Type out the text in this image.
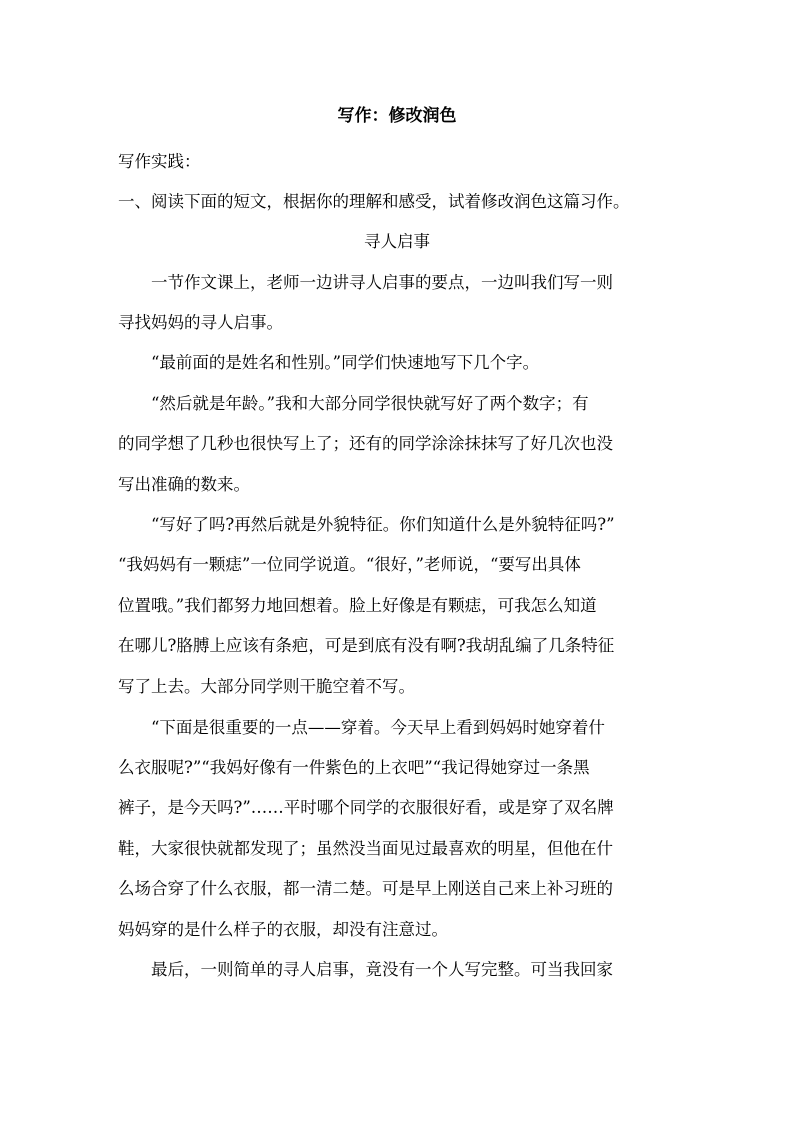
写作：修改润色
写作实践：
一、阅读下面的短文，根据你的理解和感受，试着修改润色这篇习作。
寻人启事
　　一节作文课上，老师一边讲寻人启事的要点，一边叫我们写一则
寻找妈妈的寻人启事。
　　“最前面的是姓名和性别。”同学们快速地写下几个字。
　　“然后就是年龄。”我和大部分同学很快就写好了两个数字；有
的同学想了几秒也很快写上了；还有的同学涂涂抹抹写了好几次也没
写出准确的数来。
　　“写好了吗?再然后就是外貌特征。你们知道什么是外貌特征吗?”
“我妈妈有一颗痣”一位同学说道。“很好，”老师说，“要写出具体
位置哦。”我们都努力地回想着。脸上好像是有颗痣，可我怎么知道
在哪儿?胳膊上应该有条疤，可是到底有没有啊?我胡乱编了几条特征
写了上去。大部分同学则干脆空着不写。
　　“下面是很重要的一点——穿着。今天早上看到妈妈时她穿着什
么衣服呢?”“我妈好像有一件紫色的上衣吧”“我记得她穿过一条黑
裤子，是今天吗?”……平时哪个同学的衣服很好看，或是穿了双名牌
鞋，大家很快就都发现了；虽然没当面见过最喜欢的明星，但他在什
么场合穿了什么衣服，都一清二楚。可是早上刚送自己来上补习班的
妈妈穿的是什么样子的衣服，却没有注意过。
　　最后，一则简单的寻人启事，竟没有一个人写完整。可当我回家
